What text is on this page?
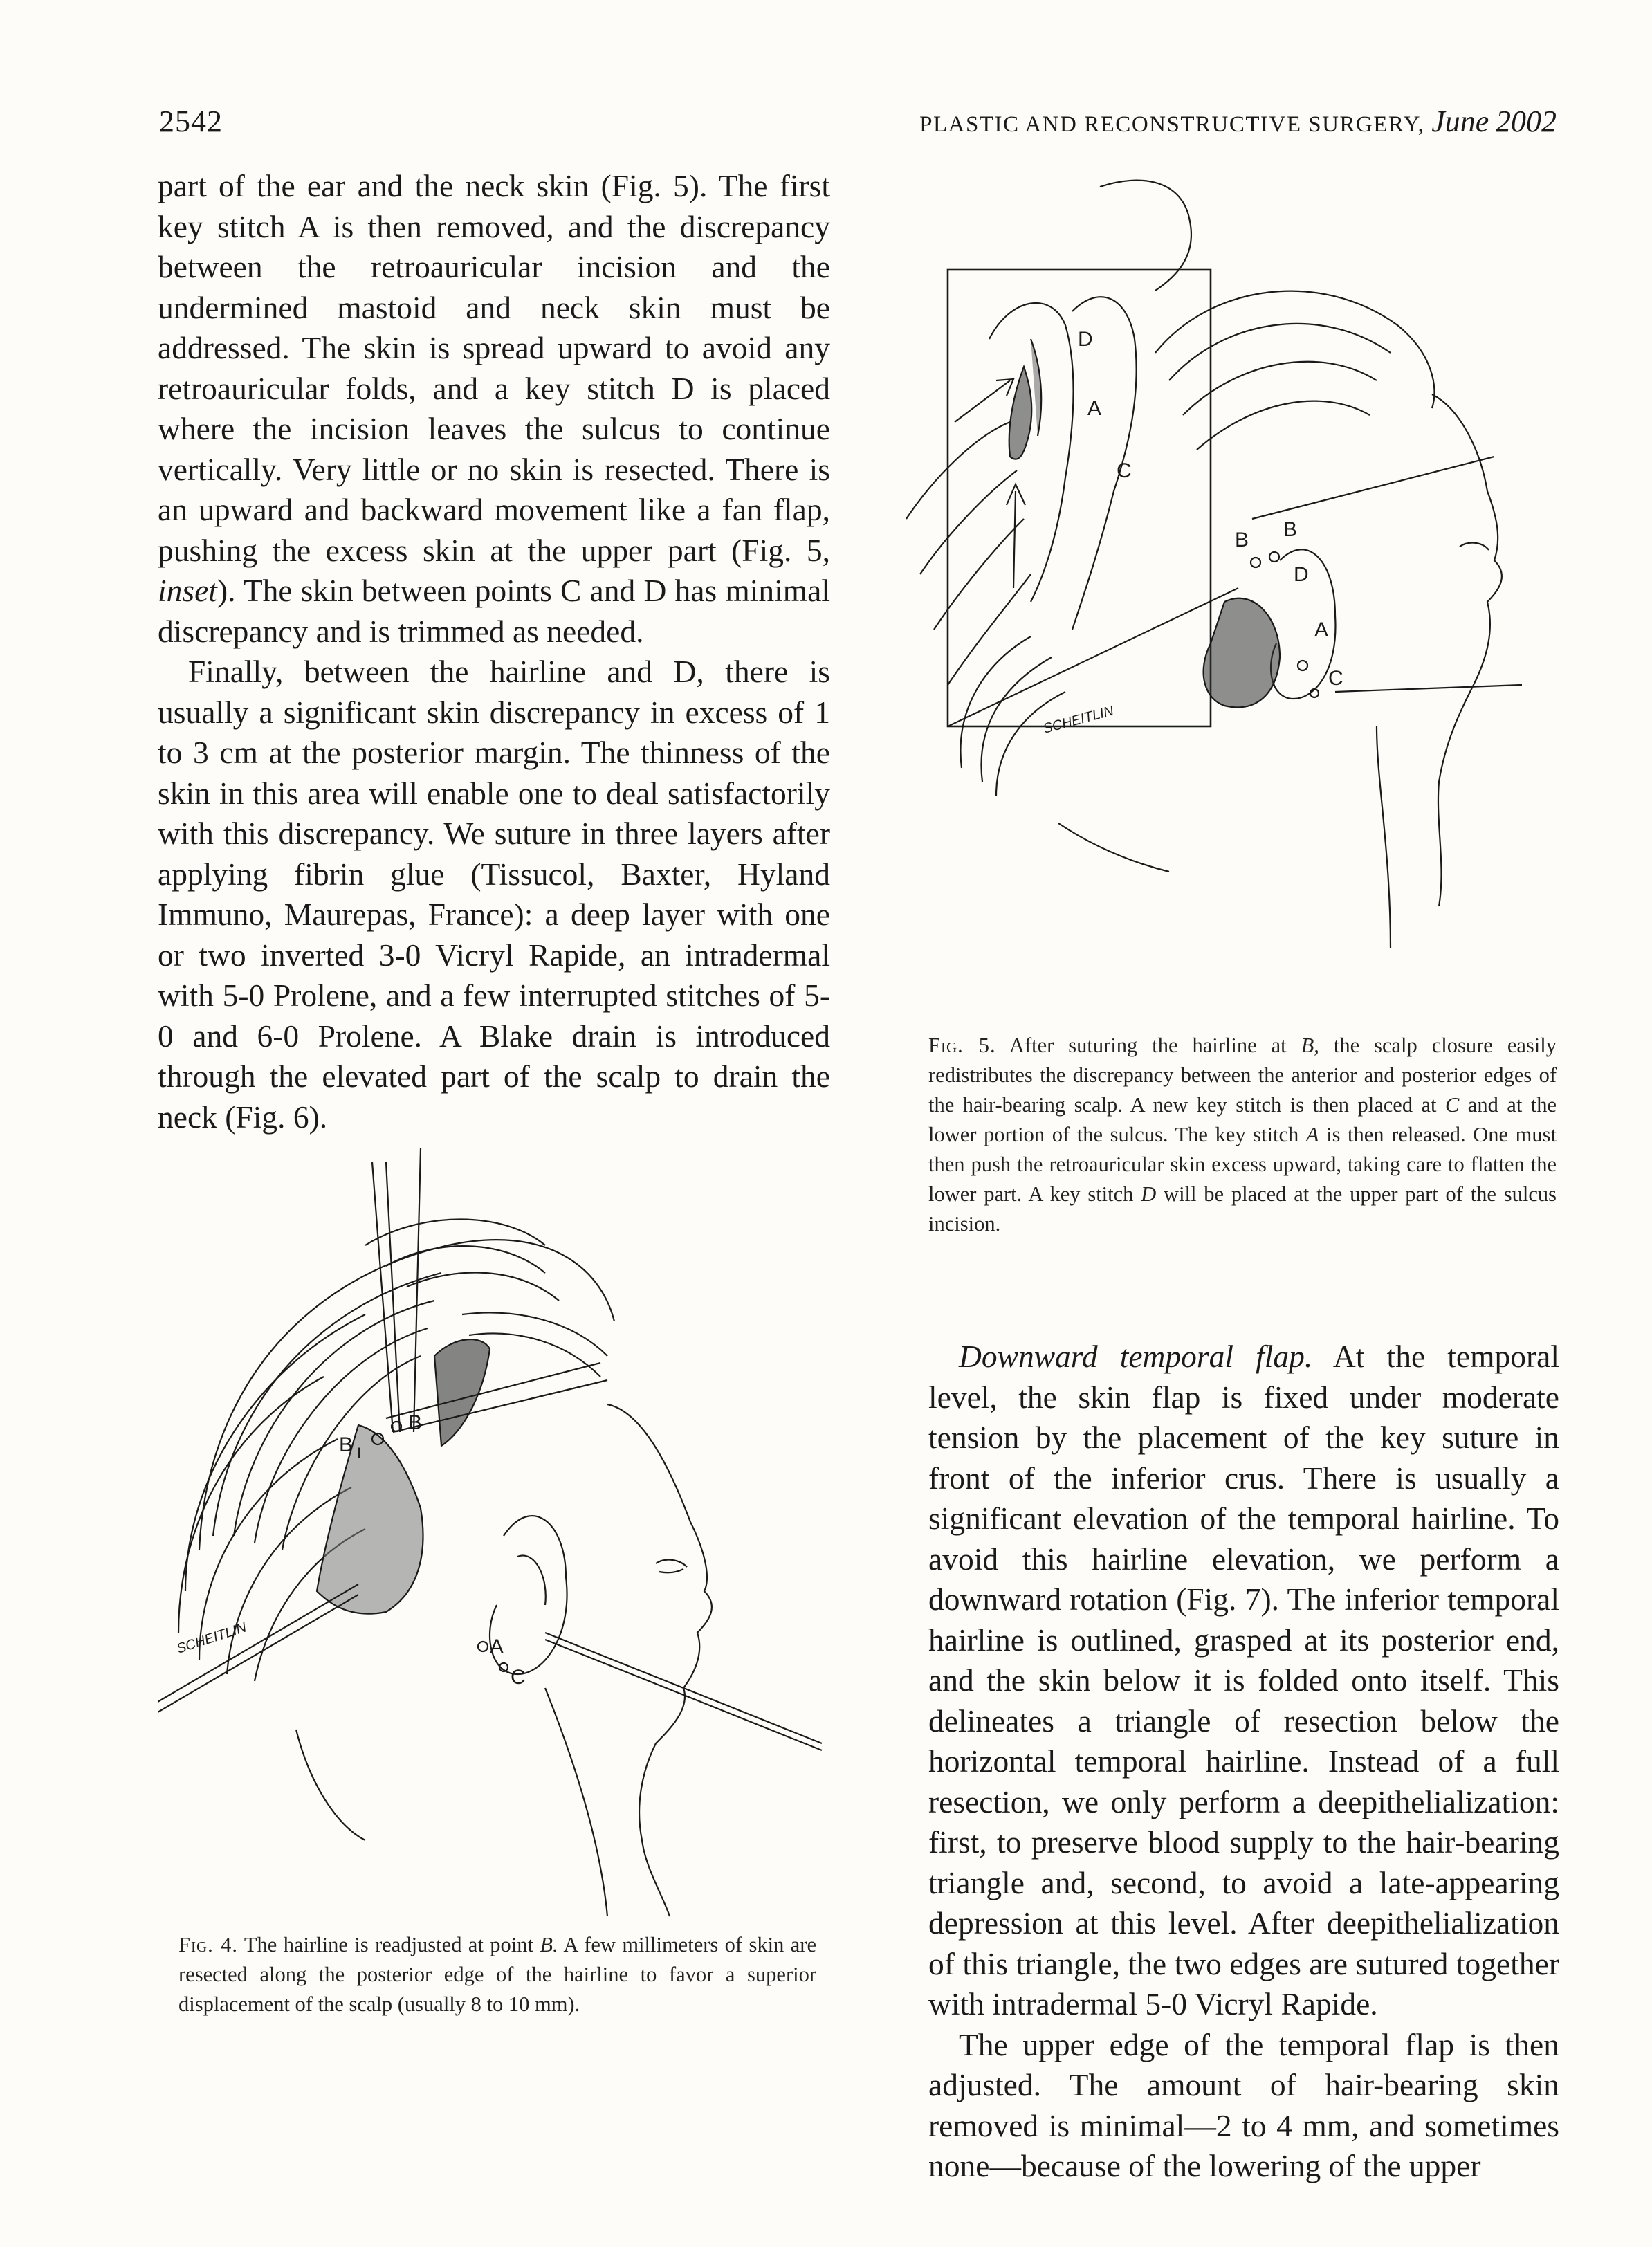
2542	PLASTIC AND RECONSTRUCTIVE SURGERY, June 2002

part of the ear and the neck skin (Fig. 5). The first key stitch A is then removed, and the discrepancy between the retroauricular incision and the undermined mastoid and neck skin must be addressed. The skin is spread upward to avoid any retroauricular folds, and a key stitch D is placed where the incision leaves the sulcus to continue vertically. Very little or no skin is resected. There is an upward and backward movement like a fan flap, pushing the excess skin at the upper part (Fig. 5, inset). The skin between points C and D has minimal discrepancy and is trimmed as needed.

Finally, between the hairline and D, there is usually a significant skin discrepancy in excess of 1 to 3 cm at the posterior margin. The thinness of the skin in this area will enable one to deal satisfactorily with this discrepancy. We suture in three layers after applying fibrin glue (Tissucol, Baxter, Hyland Immuno, Maurepas, France): a deep layer with one or two inverted 3-0 Vicryl Rapide, an intradermal with 5-0 Prolene, and a few interrupted stitches of 5-0 and 6-0 Prolene. A Blake drain is introduced through the elevated part of the scalp to drain the neck (Fig. 6).

B I
B
A
C
SCHEITLIN

Fig. 4. The hairline is readjusted at point B. A few millimeters of skin are resected along the posterior edge of the hairline to favor a superior displacement of the scalp (usually 8 to 10 mm).

D
A
C
B B
D
A
C
SCHEITLIN

Fig. 5. After suturing the hairline at B, the scalp closure easily redistributes the discrepancy between the anterior and posterior edges of the hair-bearing scalp. A new key stitch is then placed at C and at the lower portion of the sulcus. The key stitch A is then released. One must then push the retroauricular skin excess upward, taking care to flatten the lower part. A key stitch D will be placed at the upper part of the sulcus incision.

Downward temporal flap. At the temporal level, the skin flap is fixed under moderate tension by the placement of the key suture in front of the inferior crus. There is usually a significant elevation of the temporal hairline. To avoid this hairline elevation, we perform a downward rotation (Fig. 7). The inferior temporal hairline is outlined, grasped at its posterior end, and the skin below it is folded onto itself. This delineates a triangle of resection below the horizontal temporal hairline. Instead of a full resection, we only perform a deepithelialization: first, to preserve blood supply to the hair-bearing triangle and, second, to avoid a late-appearing depression at this level. After deepithelialization of this triangle, the two edges are sutured together with intradermal 5-0 Vicryl Rapide.

The upper edge of the temporal flap is then adjusted. The amount of hair-bearing skin removed is minimal—2 to 4 mm, and sometimes none—because of the lowering of the upper
